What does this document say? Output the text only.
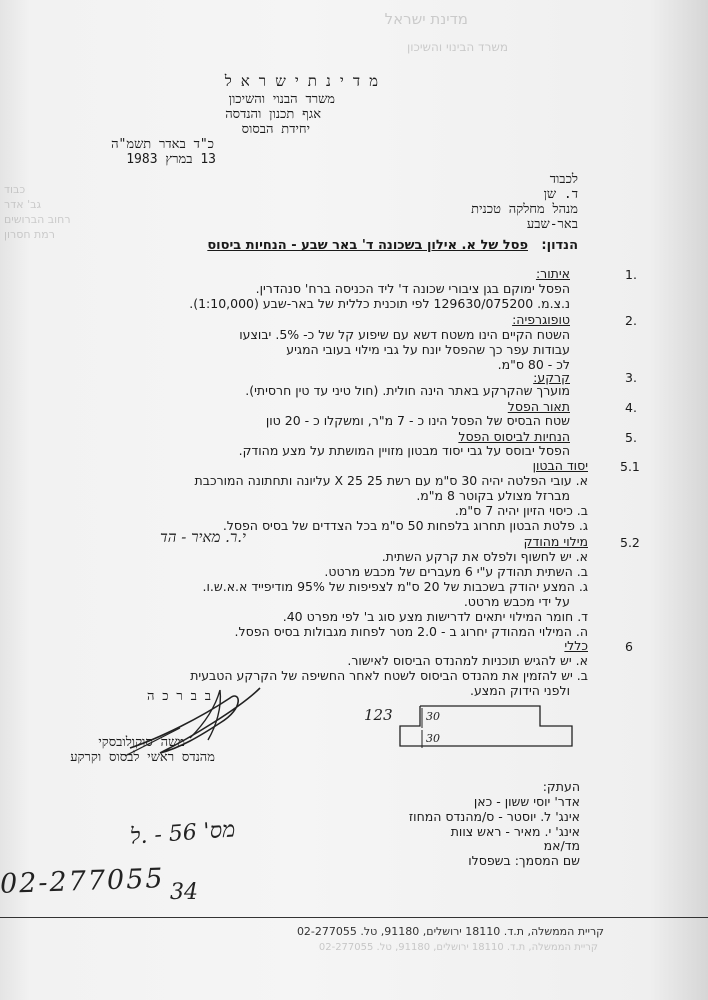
מדינת ישראל
משרד הבינוי והשיכון
כבוד
גב' אדר
רחוב הברושים
רמת חסרון
מ ד י נ ת י ש ר א ל
משרד הבנוי והשיכון
אגף תכנון והנדסה
יחידת הבסוס
כ"ד באדר תשמ"ה
13 במרץ 1983
לכבוד
ד. שן
מנהל מחלקה טכנית
באר-שבע
הנדון:
פסל של א. אילון בשכונה ד' באר שבע - הנחיות ביסוס
1.
איתור:
הפסל ימוקם בגן ציבורי שכונה ד' ליד הכניסה ברח' סנהדרין.
נ.צ.מ. 129630/075200 לפי תוכנית כללית של באר-שבע (1:10,000).
2.
טופוגרפיה:
השטח הקיים הינו משטח דשא עם שיפוע קל של כ- 5%. יבוצעו
עבודות עפר כך שהפסל יונח על גבי מילוי בעובי המגיע
לכ - 80 ס"מ.
3.
קרקע:
מוערך שהקרקע באתר הינה חולית. (חול טיני עד טין חרסיתי).
4.
תאור הפסל
שטח הבסיס של הפסל הינו כ - 7 מ"ר, ומשקלו כ - 20 טון
5.
הנחיות לביסוס הפסל
הפסל יבוסס על גבי יסוד מבטון מזויין המושתת על מצע מהודק.
5.1
יסוד הבטון
א. עובי הפלטה יהיה 30 ס"מ עם רשת 25 X 25 עליונה ותחתונה המורכבת
מברזל מצולע בקוטר 8 מ"מ.
ב. כיסוי הזיון יהיה 7 ס"מ.
ג. פלטת הבטון תחרוג בלפחות 50 ס"מ בכל הצדדים של בסיס הפסל.
י.ר. מאיר - הד	5.2
מילוי מהודק
א. יש לחשוף ולפלס את קרקע השתית.
ב. השתית תהודק ע"י 6 מעברים של מכבש מרטט.
ג. המצע יהודק בשכבות של 20 ס"מ לצפיפות של 95% מודיפייד א.א.ש.ו.
על ידי מכבש מרטט.
ד. חומר המילוי יתאים לדרישות מצע סוג ב' לפי מפרט 40.
ה. המילוי המהודק יחרוג ב - 2.0 מטר לפחות מגבולות בסיס הפסל.
6
כללי
א. יש להגיש תוכניות למהנדס הביסוס לאישור.
ב. יש להזמין את מהנדס הביסוס לשטח לאחר החשיפה של הקרקע הטבעית
ולפני הידוק המצע.
ב ב ר כ ה
משה סוקולובסקי
מהנדס ראשי לבסוס וקרקע
123	30
30
העתק:
אדר' יוסי ששון - כאן
אינג' ל. יוסטר - ס/מהנדס המחוז
אינג' י. מאיר - ראש צוות
מד/אמ
שם המסמך: בשפסלו
מס' 56 - .ל
02-277055 34
קריית הממשלה, ת.ד. 18110 ירושלים, 91180, טל. 02-277055
קריית הממשלה, ת.ד. 18110 ירושלים, 91180, טל. 02-277055
